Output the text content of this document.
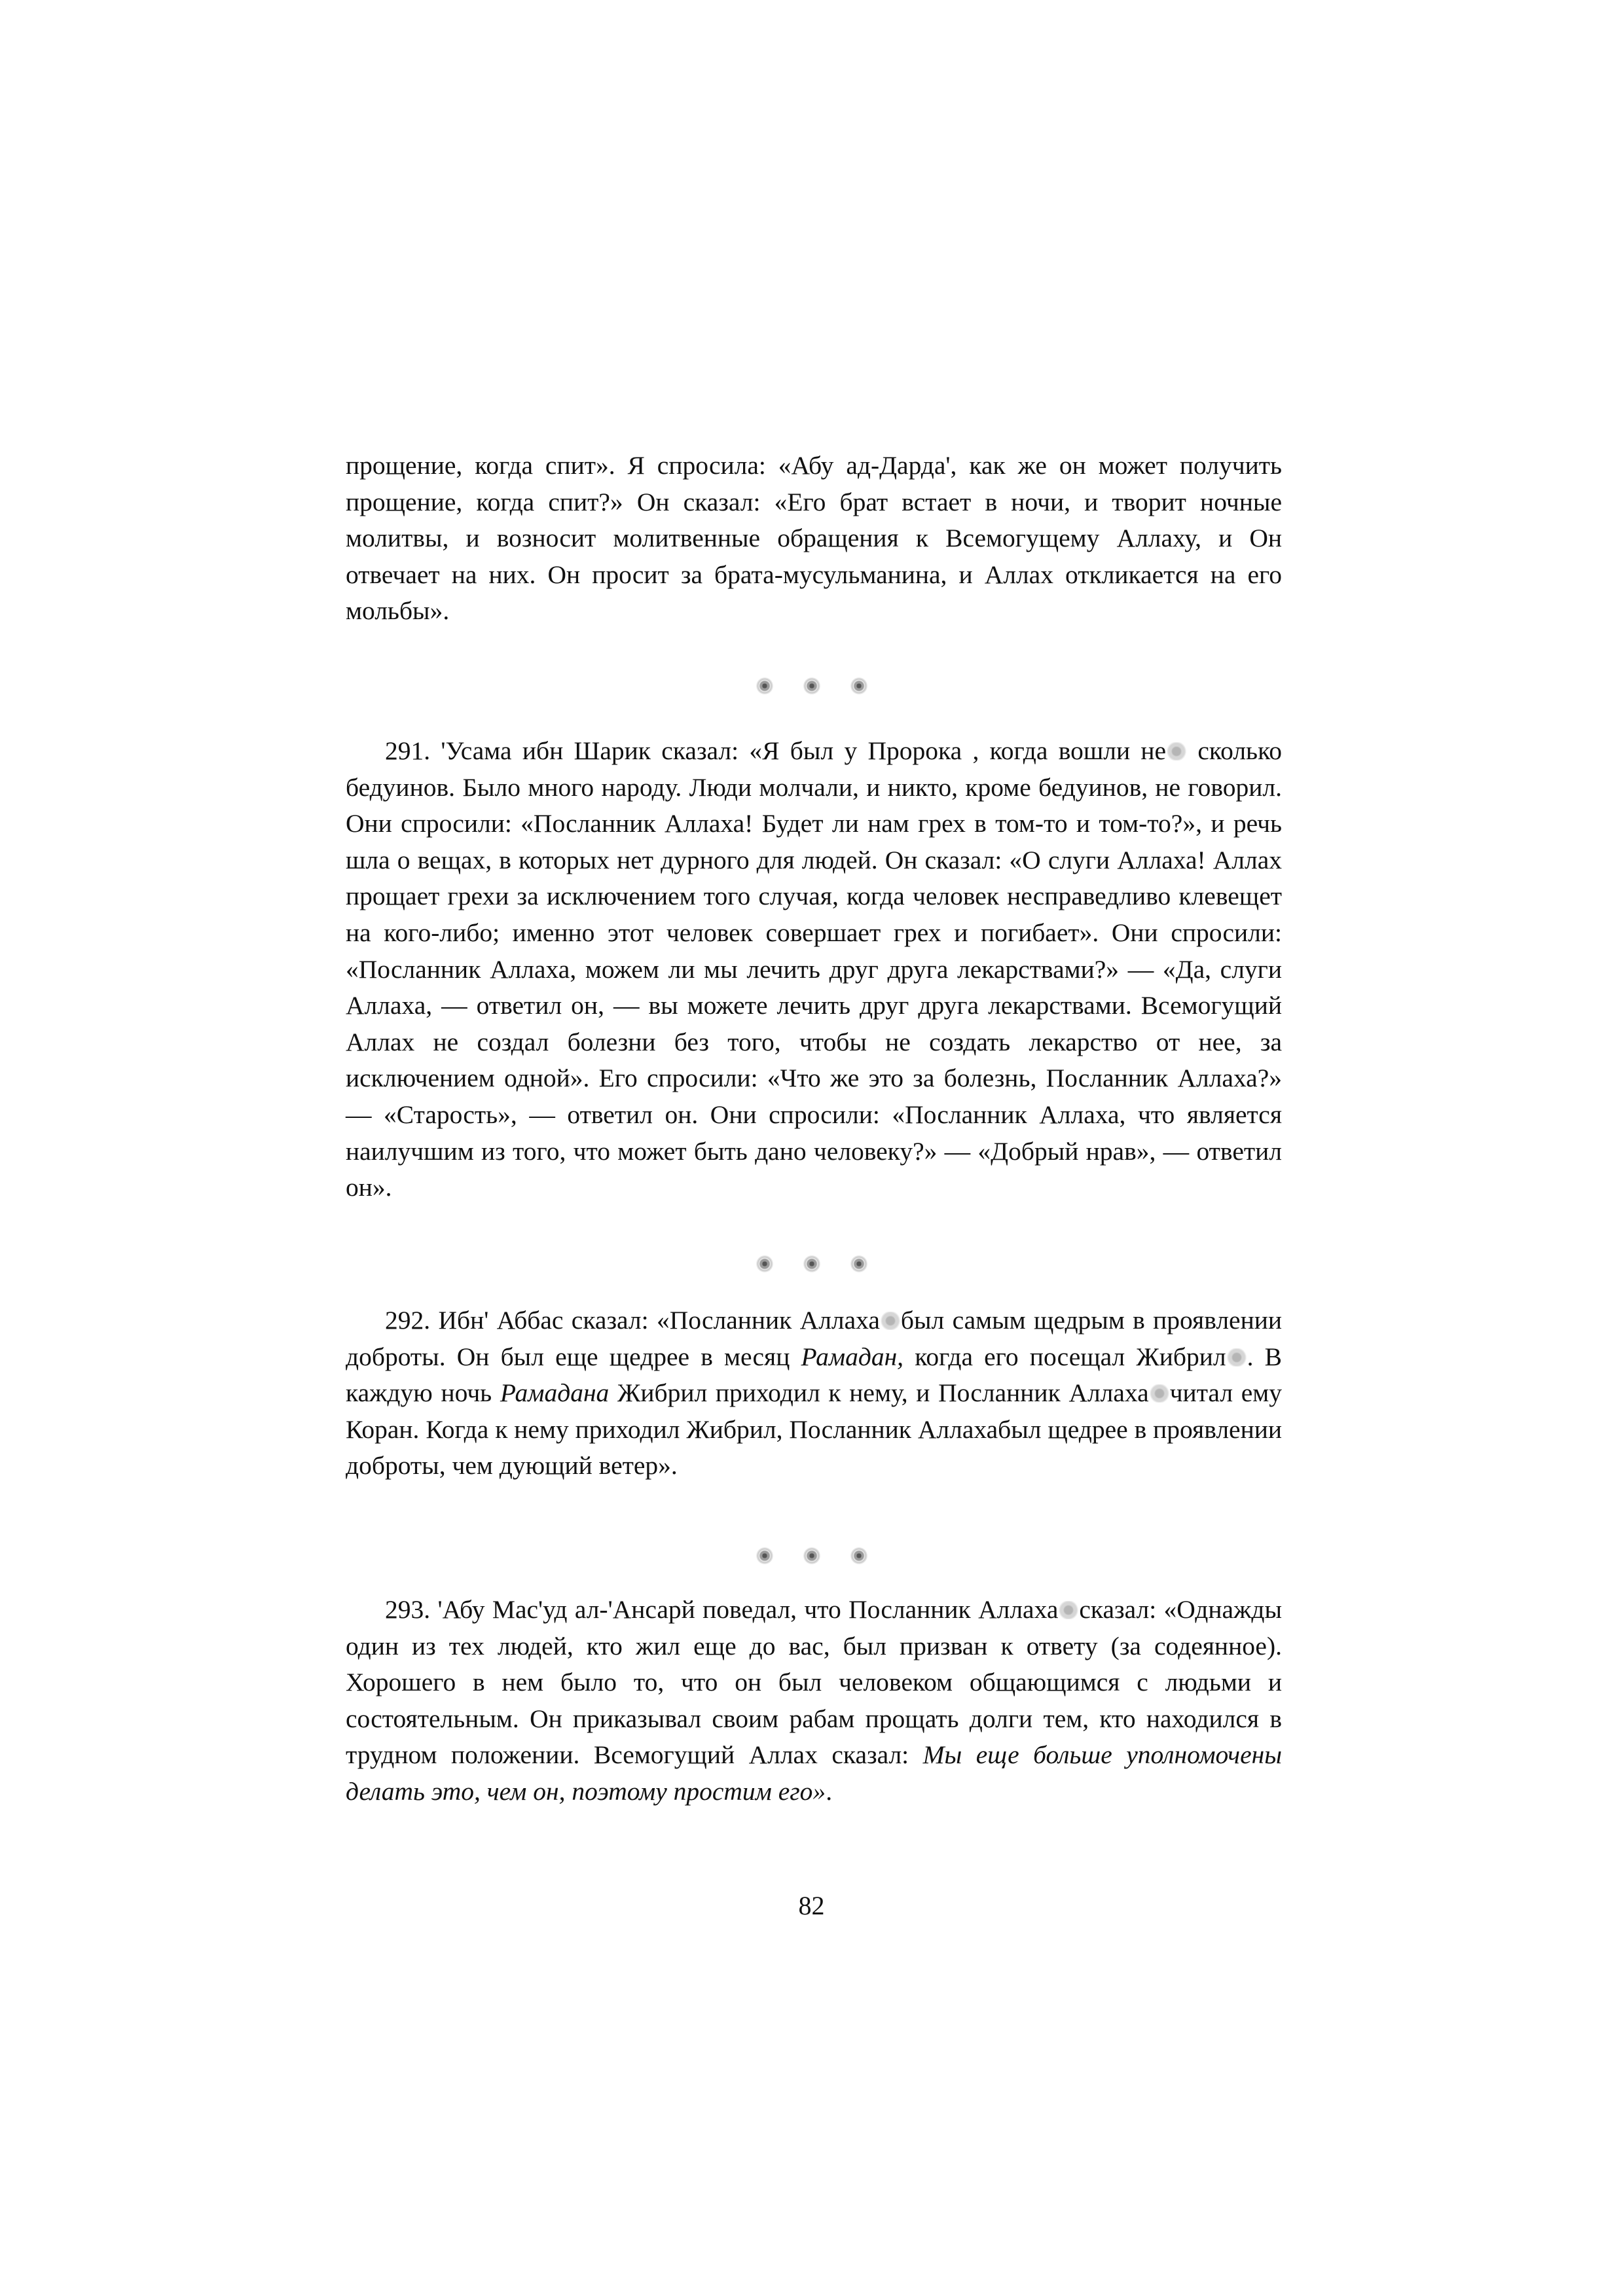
прощение, когда спит». Я спросила: «Абу ад-Дарда', как же он может получить прощение, когда спит?» Он сказал: «Его брат встает в ночи, и творит ночные молитвы, и возносит молитвенные обращения к Всемогущему Аллаху, и Он отвечает на них. Он просит за брата-мусульманина, и Аллах откликается на его мольбы».

291. 'Усама ибн Шарик сказал: «Я был у Пророка , когда вошли не сколько бедуинов. Было много народу. Люди молчали, и никто, кроме бедуинов, не говорил. Они спросили: «Посланник Аллаха! Будет ли нам грех в том-то и том-то?», и речь шла о вещах, в которых нет дурного для людей. Он сказал: «О слуги Аллаха! Аллах прощает грехи за исключением того случая, когда человек несправедливо клевещет на кого-либо; именно этот человек совершает грех и погибает». Они спросили: «Посланник Аллаха, можем ли мы лечить друг друга лекарствами?» — «Да, слуги Аллаха, — ответил он, — вы можете лечить друг друга лекарствами. Всемогущий Аллах не создал болезни без того, чтобы не создать лекарство от нее, за исключением одной». Его спросили: «Что же это за болезнь, Посланник Аллаха?» — «Старость», — ответил он. Они спросили: «Посланник Аллаха, что является наилучшим из того, что может быть дано человеку?» — «Добрый нрав», — ответил он».

292. Ибн' Аббас сказал: «Посланник Аллаха был самым щедрым в проявлении доброты. Он был еще щедрее в месяц Рамадан, когда его посещал Жибрил . В каждую ночь Рамадана Жибрил приходил к нему, и Посланник Аллаха читал ему Коран. Когда к нему приходил Жибрил, Посланник Аллахабыл щедрее в проявлении доброты, чем дующий ветер».

293. 'Абу Мас'уд ал-'Ансарй поведал, что Посланник Аллаха сказал: «Однажды один из тех людей, кто жил еще до вас, был призван к ответу (за содеянное). Хорошего в нем было то, что он был человеком общающимся с людьми и состоятельным. Он приказывал своим рабам прощать долги тем, кто находился в трудном положении. Всемогущий Аллах сказал: Мы еще больше уполномочены делать это, чем он, поэтому простим его».

82
